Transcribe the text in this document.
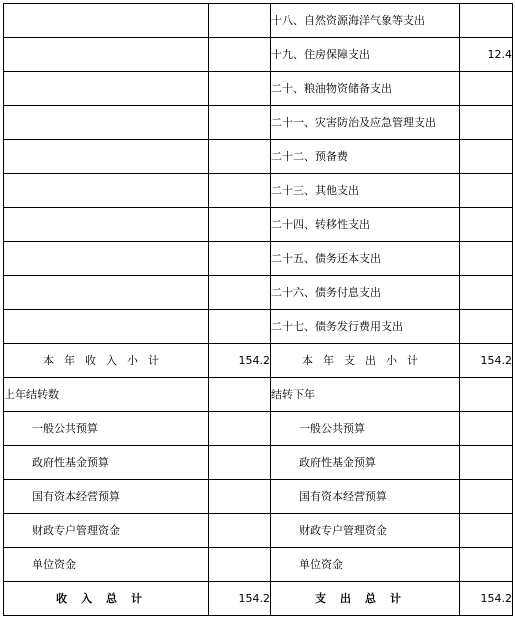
		十八、自然资源海洋气象等支出	
		十九、住房保障支出	12.4
		二十、粮油物资储备支出	
		二十一、灾害防治及应急管理支出	
		二十二、预备费	
		二十三、其他支出	
		二十四、转移性支出	
		二十五、债务还本支出	
		二十六、债务付息支出	
		二十七、债务发行费用支出	
本年收入小计	154.2	本年支出小计	154.2
上年结转数		结转下年	
一般公共预算		一般公共预算	
政府性基金预算		政府性基金预算	
国有资本经营预算		国有资本经营预算	
财政专户管理资金		财政专户管理资金	
单位资金		单位资金	
收入总计	154.2	支出总计	154.2
